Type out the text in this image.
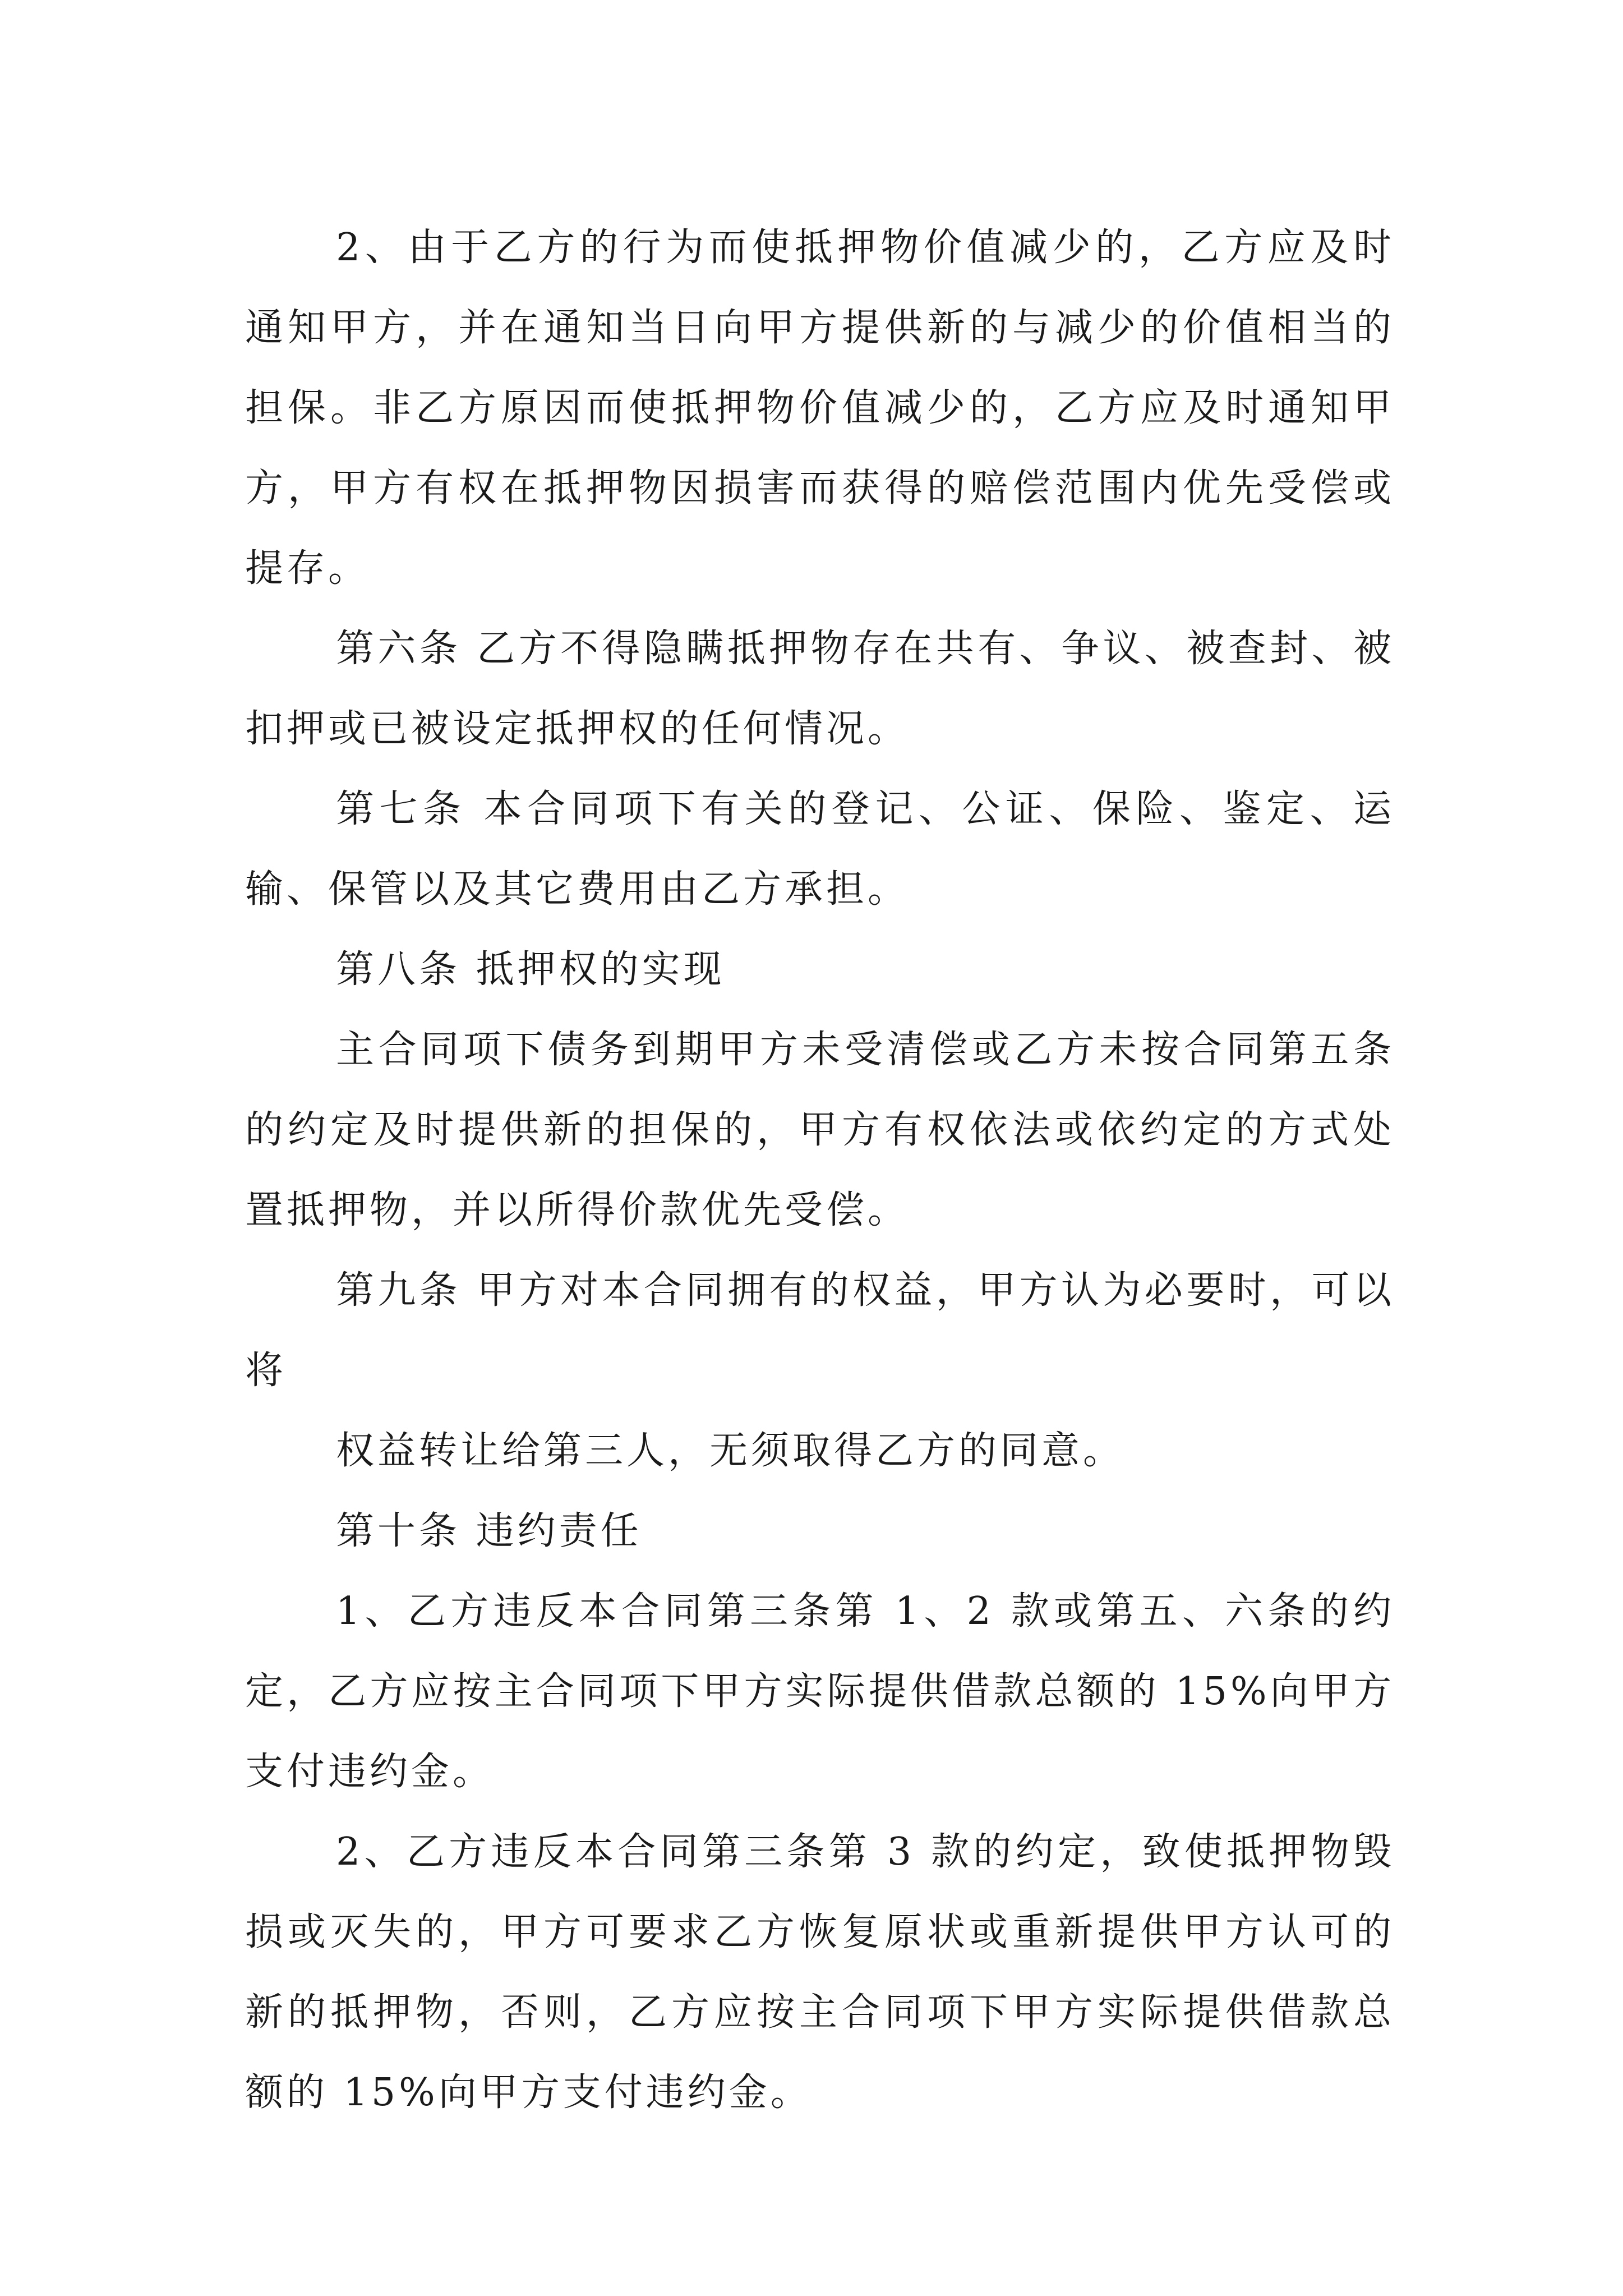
2、由于乙方的行为而使抵押物价值减少的，乙方应及时通知甲方，并在通知当日向甲方提供新的与减少的价值相当的担保。非乙方原因而使抵押物价值减少的，乙方应及时通知甲方，甲方有权在抵押物因损害而获得的赔偿范围内优先受偿或提存。

第六条 乙方不得隐瞒抵押物存在共有、争议、被查封、被扣押或已被设定抵押权的任何情况。

第七条 本合同项下有关的登记、公证、保险、鉴定、运输、保管以及其它费用由乙方承担。

第八条 抵押权的实现

主合同项下债务到期甲方未受清偿或乙方未按合同第五条的约定及时提供新的担保的，甲方有权依法或依约定的方式处置抵押物，并以所得价款优先受偿。

第九条 甲方对本合同拥有的权益，甲方认为必要时，可以将

权益转让给第三人，无须取得乙方的同意。

第十条 违约责任

1、乙方违反本合同第三条第 1、2 款或第五、六条的约定，乙方应按主合同项下甲方实际提供借款总额的 15%向甲方支付违约金。

2、乙方违反本合同第三条第 3 款的约定，致使抵押物毁损或灭失的，甲方可要求乙方恢复原状或重新提供甲方认可的新的抵押物，否则，乙方应按主合同项下甲方实际提供借款总额的 15%向甲方支付违约金。
